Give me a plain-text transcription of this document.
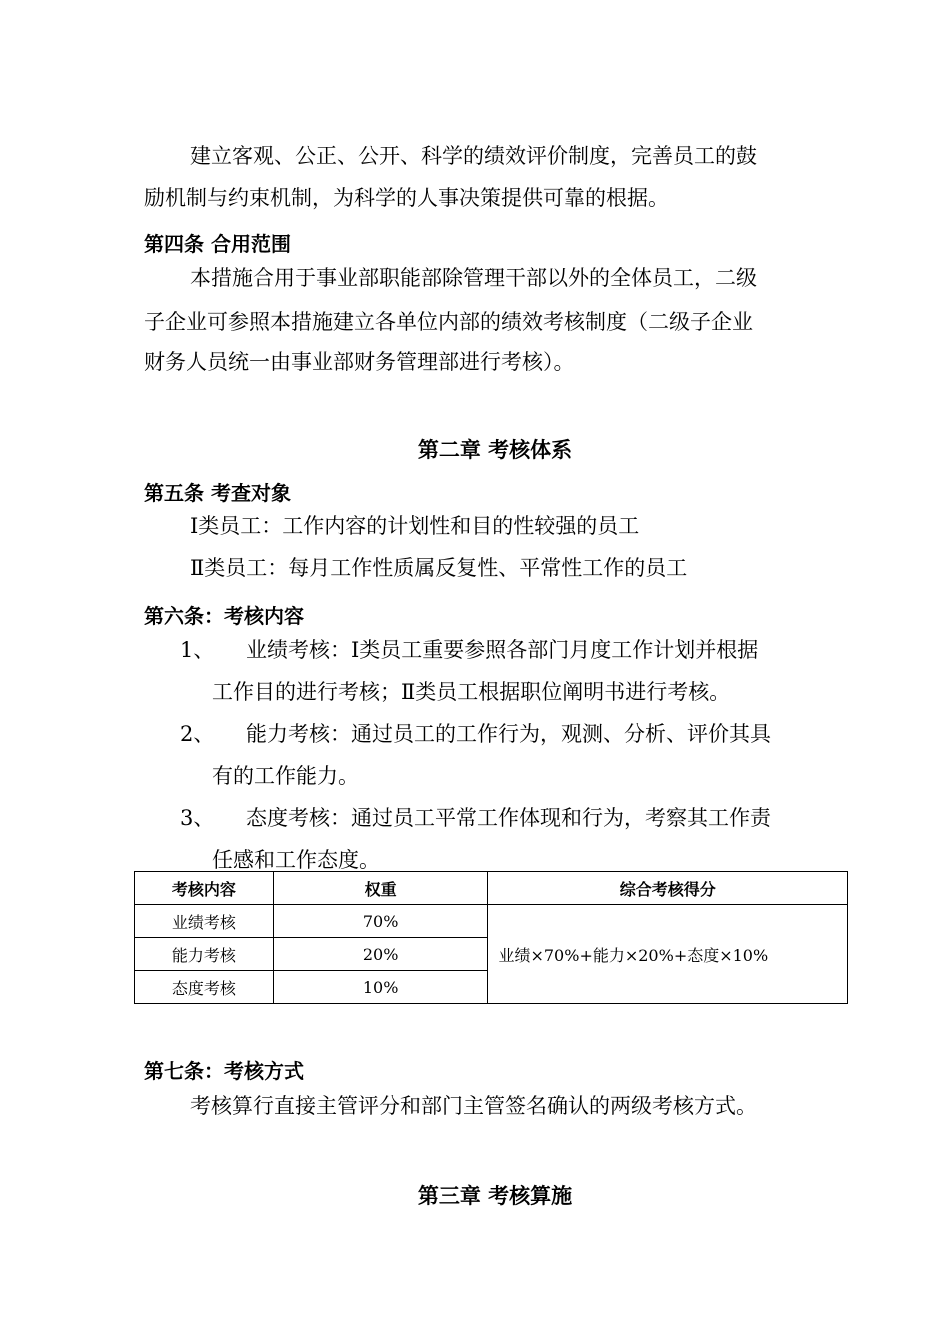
建立客观、公正、公开、科学的绩效评价制度，完善员工的鼓
励机制与约束机制，为科学的人事决策提供可靠的根据。
第四条 合用范围
本措施合用于事业部职能部除管理干部以外的全体员工，二级
子企业可参照本措施建立各单位内部的绩效考核制度（二级子企业
财务人员统一由事业部财务管理部进行考核）。
第二章 考核体系
第五条 考查对象
Ⅰ类员工：工作内容的计划性和目的性较强的员工
Ⅱ类员工：每月工作性质属反复性、平常性工作的员工
第六条：考核内容
1、 业绩考核：Ⅰ类员工重要参照各部门月度工作计划并根据
工作目的进行考核；Ⅱ类员工根据职位阐明书进行考核。
2、 能力考核：通过员工的工作行为，观测、分析、评价其具
有的工作能力。
3、 态度考核：通过员工平常工作体现和行为，考察其工作责
任感和工作态度。
考核内容	权重	综合考核得分
业绩考核	70%	业绩×70%+能力×20%+态度×10%
能力考核	20%	
态度考核	10%	
第七条：考核方式
考核算行直接主管评分和部门主管签名确认的两级考核方式。
第三章 考核算施
